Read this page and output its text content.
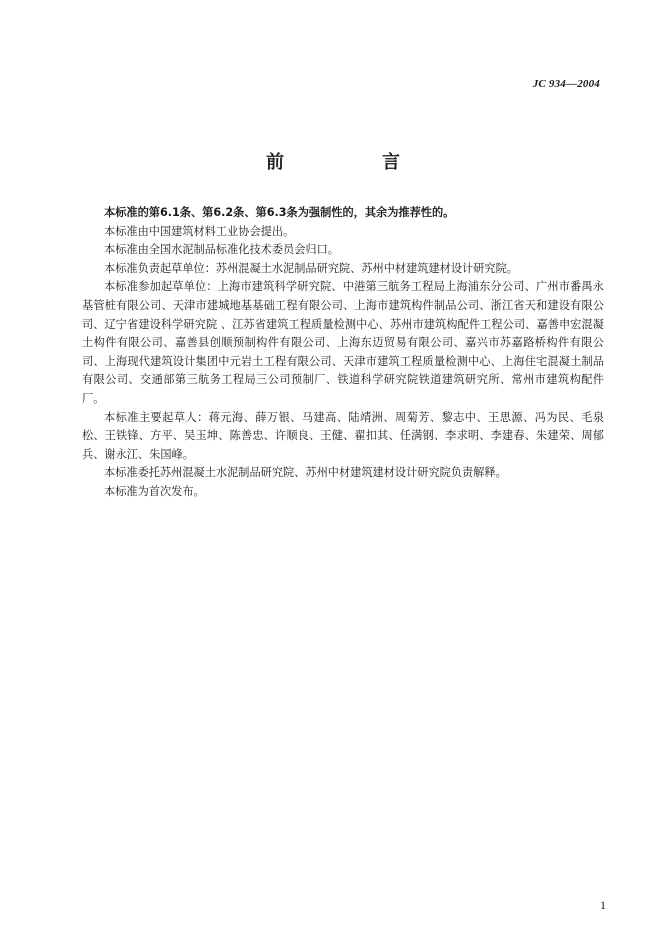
JC 934—2004
前　言

本标准的第6.1条、第6.2条、第6.3条为强制性的，其余为推荐性的。

本标准由中国建筑材料工业协会提出。

本标准由全国水泥制品标准化技术委员会归口。

本标准负责起草单位：苏州混凝土水泥制品研究院、苏州中材建筑建材设计研究院。

本标准参加起草单位：上海市建筑科学研究院、中港第三航务工程局上海浦东分公司、广州市番禺永基管桩有限公司、天津市建城地基基础工程有限公司、上海市建筑构件制品公司、浙江省天和建设有限公司、辽宁省建设科学研究院 、江苏省建筑工程质量检测中心、苏州市建筑构配件工程公司、嘉善申宏混凝土构件有限公司、嘉善县创顺预制构件有限公司、上海东迈贸易有限公司、嘉兴市苏嘉路桥构件有限公司、上海现代建筑设计集团中元岩土工程有限公司、天津市建筑工程质量检测中心、上海住宅混凝土制品有限公司、交通部第三航务工程局三公司预制厂、铁道科学研究院铁道建筑研究所、常州市建筑构配件厂。

本标准主要起草人：蒋元海、薛万银、马建高、陆靖洲、周菊芳、黎志中、王思源、冯为民、毛泉松、王铁锋、方平、吴玉坤、陈善忠、许顺良、王健、翟扣其、任满钢、李求明、李建春、朱建荣、周郁兵、谢永江、朱国峰。

本标准委托苏州混凝土水泥制品研究院、苏州中材建筑建材设计研究院负责解释。

本标准为首次发布。

1
